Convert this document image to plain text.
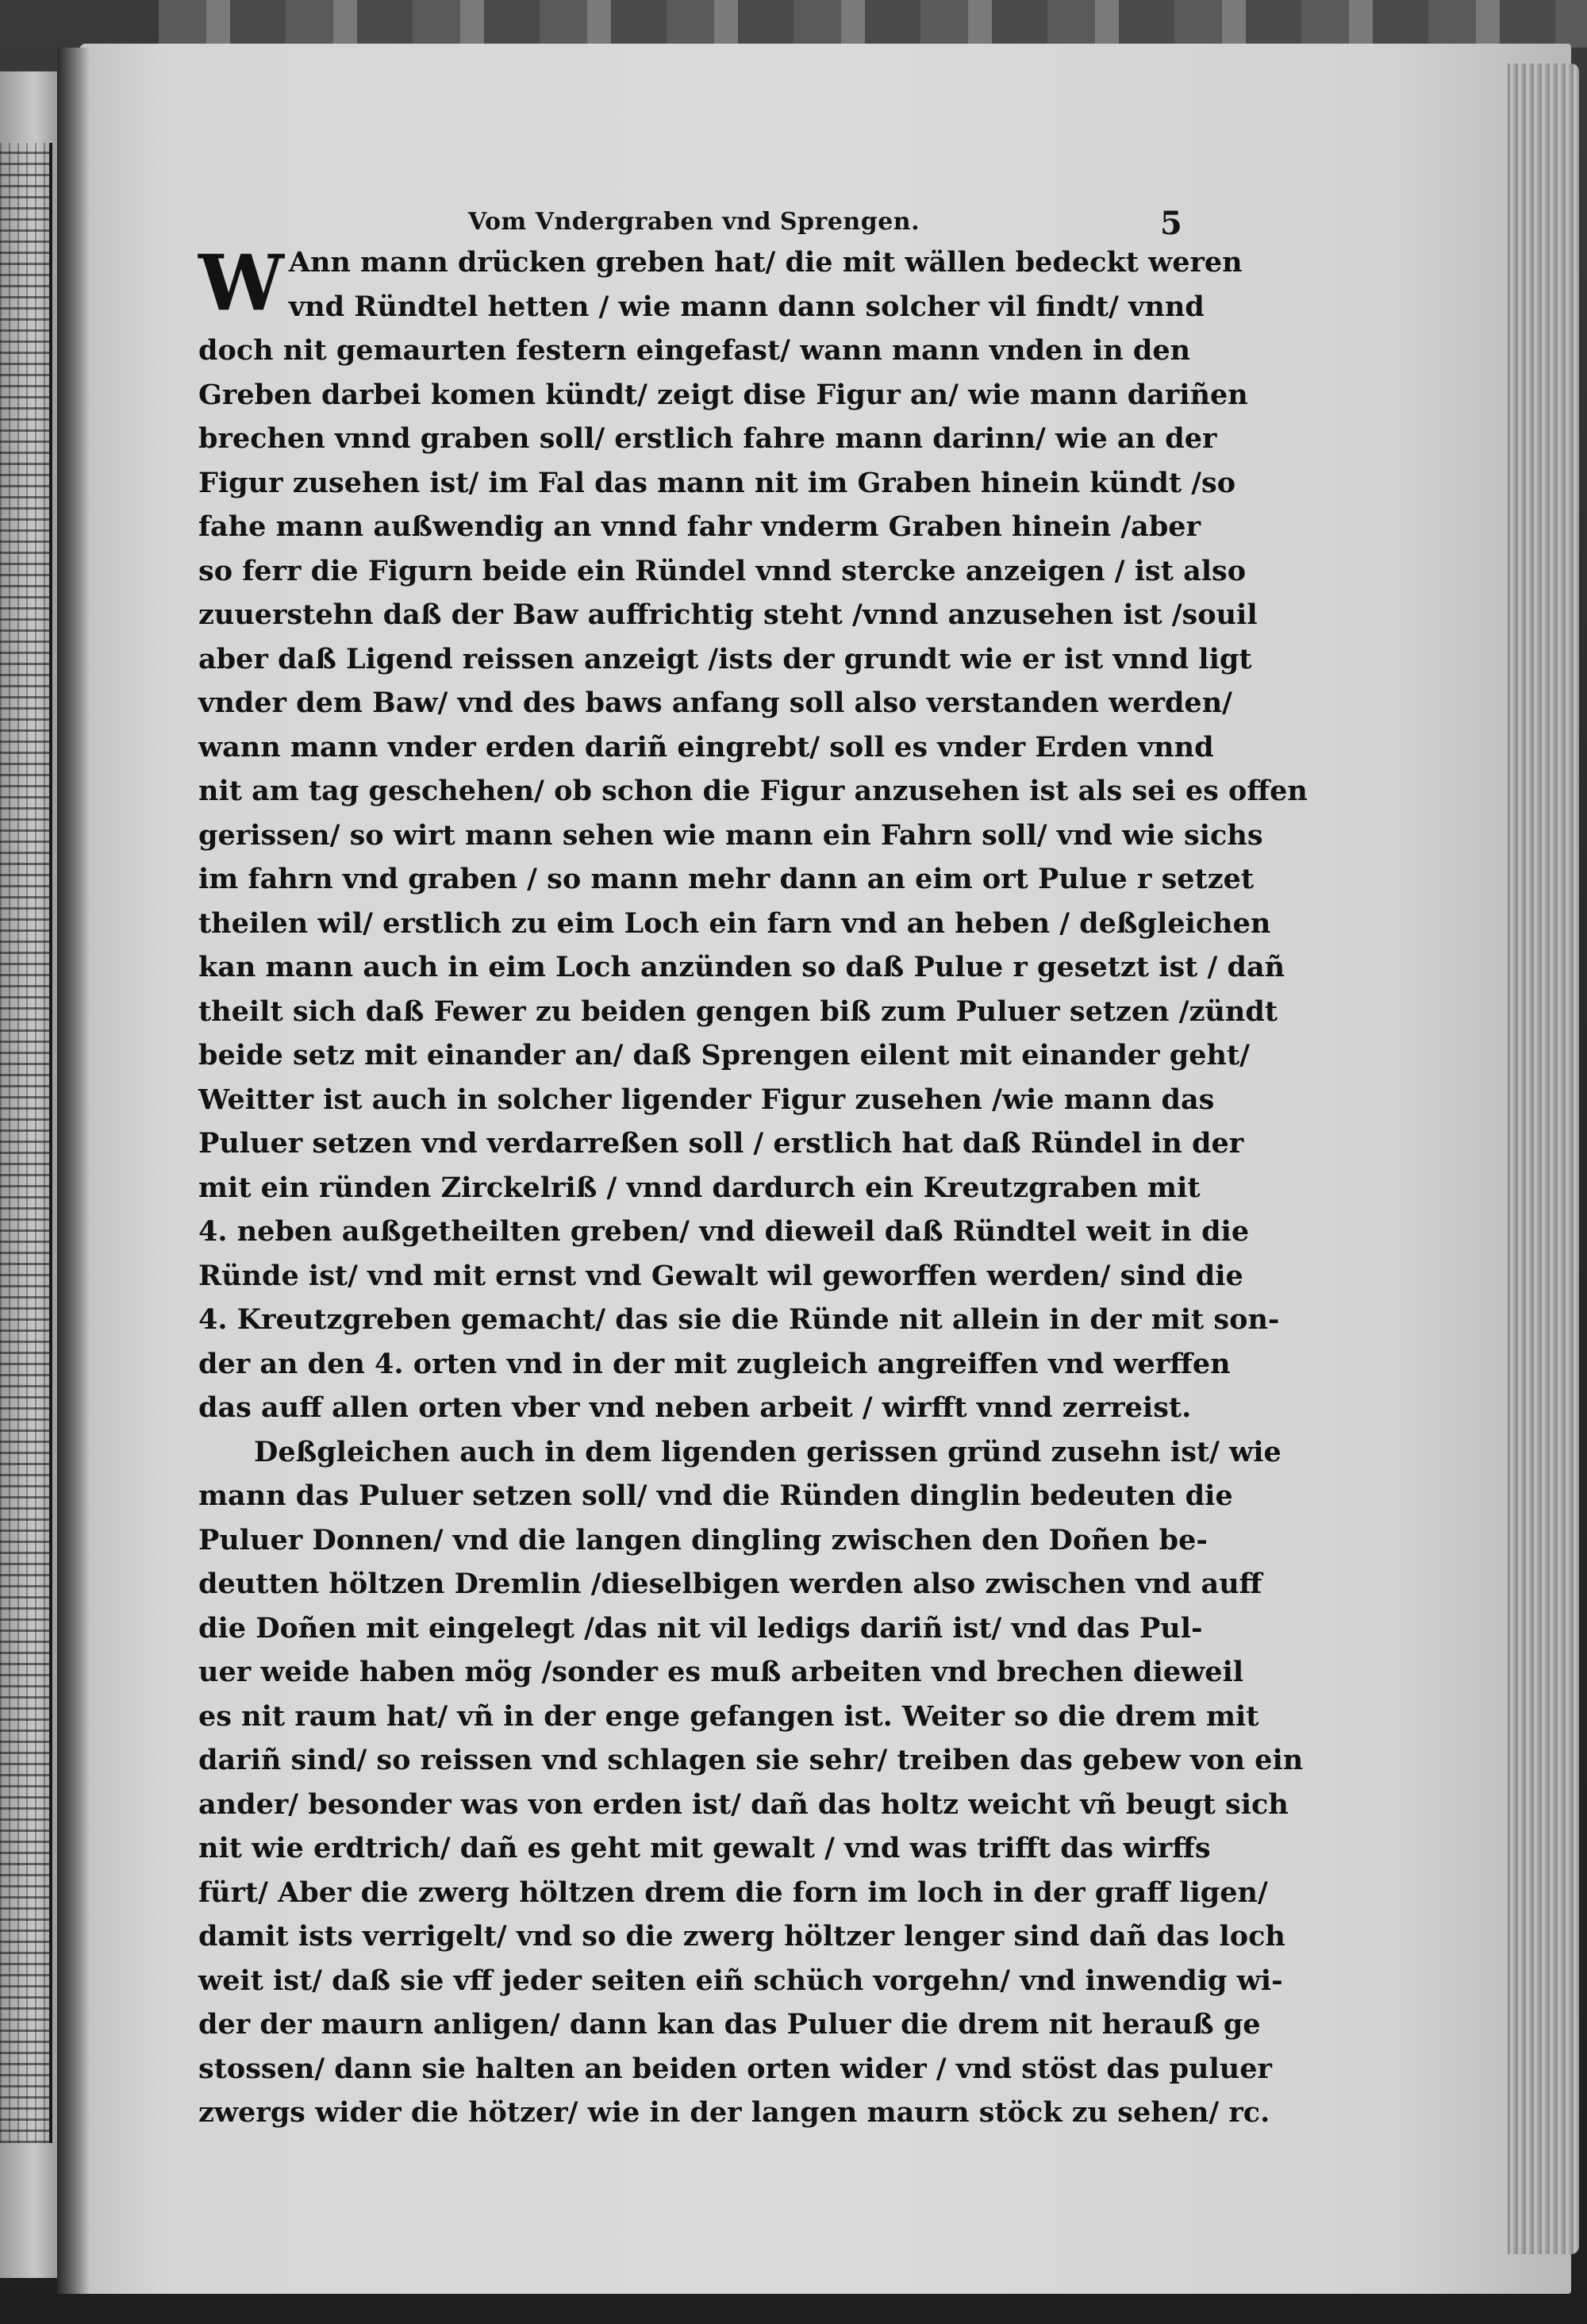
Vom Vndergraben vnd Sprengen.	5
W Ann mann drücken greben hat/ die mit wällen bedeckt weren
vnd Ründtel hetten / wie mann dann solcher vil findt/ vnnd
doch nit gemaurten festern eingefast/ wann mann vnden in den
Greben darbei komen kündt/ zeigt dise Figur an/ wie mann dariñen
brechen vnnd graben soll/ erstlich fahre mann darinn/ wie an der
Figur zusehen ist/ im Fal das mann nit im Graben hinein kündt /so
fahe mann außwendig an vnnd fahr vnderm Graben hinein /aber
so ferr die Figurn beide ein Ründel vnnd stercke anzeigen / ist also
zuuerstehn daß der Baw auffrichtig steht /vnnd anzusehen ist /souil
aber daß Ligend reissen anzeigt /ists der grundt wie er ist vnnd ligt
vnder dem Baw/ vnd des baws anfang soll also verstanden werden/
wann mann vnder erden dariñ eingrebt/ soll es vnder Erden vnnd
nit am tag geschehen/ ob schon die Figur anzusehen ist als sei es offen
gerissen/ so wirt mann sehen wie mann ein Fahrn soll/ vnd wie sichs
im fahrn vnd graben / so mann mehr dann an eim ort Pulue r setzet
theilen wil/ erstlich zu eim Loch ein farn vnd an heben / deßgleichen
kan mann auch in eim Loch anzünden so daß Pulue r gesetzt ist / dañ
theilt sich daß Fewer zu beiden gengen biß zum Puluer setzen /zündt
beide setz mit einander an/ daß Sprengen eilent mit einander geht/
Weitter ist auch in solcher ligender Figur zusehen /wie mann das
Puluer setzen vnd verdarreßen soll / erstlich hat daß Ründel in der
mit ein ründen Zirckelriß / vnnd dardurch ein Kreutzgraben mit
4. neben außgetheilten greben/ vnd dieweil daß Ründtel weit in die
Ründe ist/ vnd mit ernst vnd Gewalt wil geworffen werden/ sind die
4. Kreutzgreben gemacht/ das sie die Ründe nit allein in der mit son-
der an den 4. orten vnd in der mit zugleich angreiffen vnd werffen
das auff allen orten vber vnd neben arbeit / wirfft vnnd zerreist.
Deßgleichen auch in dem ligenden gerissen gründ zusehn ist/ wie
mann das Puluer setzen soll/ vnd die Ründen dinglin bedeuten die
Puluer Donnen/ vnd die langen dingling zwischen den Doñen be-
deutten höltzen Dremlin /dieselbigen werden also zwischen vnd auff
die Doñen mit eingelegt /das nit vil ledigs dariñ ist/ vnd das Pul-
uer weide haben mög /sonder es muß arbeiten vnd brechen dieweil
es nit raum hat/ vñ in der enge gefangen ist. Weiter so die drem mit
dariñ sind/ so reissen vnd schlagen sie sehr/ treiben das gebew von ein
ander/ besonder was von erden ist/ dañ das holtz weicht vñ beugt sich
nit wie erdtrich/ dañ es geht mit gewalt / vnd was trifft das wirffs
fürt/ Aber die zwerg höltzen drem die forn im loch in der graff ligen/
damit ists verrigelt/ vnd so die zwerg höltzer lenger sind dañ das loch
weit ist/ daß sie vff jeder seiten eiñ schüch vorgehn/ vnd inwendig wi-
der der maurn anligen/ dann kan das Puluer die drem nit herauß ge
stossen/ dann sie halten an beiden orten wider / vnd stöst das puluer
zwergs wider die hötzer/ wie in der langen maurn stöck zu sehen/ rc.
